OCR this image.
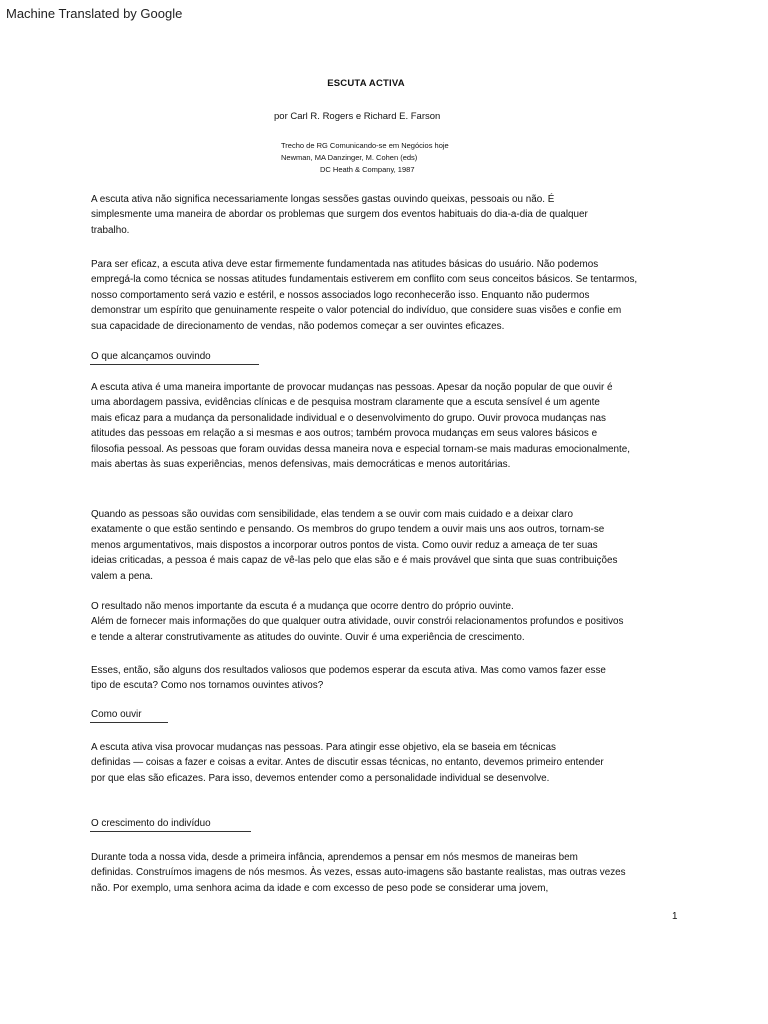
Machine Translated by Google
ESCUTA ACTIVA
por Carl R. Rogers e Richard E. Farson
Trecho de RG Comunicando-se em Negócios hoje
Newman, MA Danzinger, M. Cohen (eds)
DC Heath & Company, 1987
A escuta ativa não significa necessariamente longas sessões gastas ouvindo queixas, pessoais ou não. É
simplesmente uma maneira de abordar os problemas que surgem dos eventos habituais do dia-a-dia de qualquer
trabalho.
Para ser eficaz, a escuta ativa deve estar firmemente fundamentada nas atitudes básicas do usuário. Não podemos
empregá-la como técnica se nossas atitudes fundamentais estiverem em conflito com seus conceitos básicos. Se tentarmos,
nosso comportamento será vazio e estéril, e nossos associados logo reconhecerão isso. Enquanto não pudermos
demonstrar um espírito que genuinamente respeite o valor potencial do indivíduo, que considere suas visões e confie em
sua capacidade de direcionamento de vendas, não podemos começar a ser ouvintes eficazes.
O que alcançamos ouvindo
A escuta ativa é uma maneira importante de provocar mudanças nas pessoas. Apesar da noção popular de que ouvir é
uma abordagem passiva, evidências clínicas e de pesquisa mostram claramente que a escuta sensível é um agente
mais eficaz para a mudança da personalidade individual e o desenvolvimento do grupo. Ouvir provoca mudanças nas
atitudes das pessoas em relação a si mesmas e aos outros; também provoca mudanças em seus valores básicos e
filosofia pessoal. As pessoas que foram ouvidas dessa maneira nova e especial tornam-se mais maduras emocionalmente,
mais abertas às suas experiências, menos defensivas, mais democráticas e menos autoritárias.
Quando as pessoas são ouvidas com sensibilidade, elas tendem a se ouvir com mais cuidado e a deixar claro
exatamente o que estão sentindo e pensando. Os membros do grupo tendem a ouvir mais uns aos outros, tornam-se
menos argumentativos, mais dispostos a incorporar outros pontos de vista. Como ouvir reduz a ameaça de ter suas
ideias criticadas, a pessoa é mais capaz de vê-las pelo que elas são e é mais provável que sinta que suas contribuições
valem a pena.
O resultado não menos importante da escuta é a mudança que ocorre dentro do próprio ouvinte.
Além de fornecer mais informações do que qualquer outra atividade, ouvir constrói relacionamentos profundos e positivos
e tende a alterar construtivamente as atitudes do ouvinte. Ouvir é uma experiência de crescimento.
Esses, então, são alguns dos resultados valiosos que podemos esperar da escuta ativa. Mas como vamos fazer esse
tipo de escuta? Como nos tornamos ouvintes ativos?
Como ouvir
A escuta ativa visa provocar mudanças nas pessoas. Para atingir esse objetivo, ela se baseia em técnicas
definidas — coisas a fazer e coisas a evitar. Antes de discutir essas técnicas, no entanto, devemos primeiro entender
por que elas são eficazes. Para isso, devemos entender como a personalidade individual se desenvolve.
O crescimento do indivíduo
Durante toda a nossa vida, desde a primeira infância, aprendemos a pensar em nós mesmos de maneiras bem
definidas. Construímos imagens de nós mesmos. Às vezes, essas auto-imagens são bastante realistas, mas outras vezes
não. Por exemplo, uma senhora acima da idade e com excesso de peso pode se considerar uma jovem,
1
